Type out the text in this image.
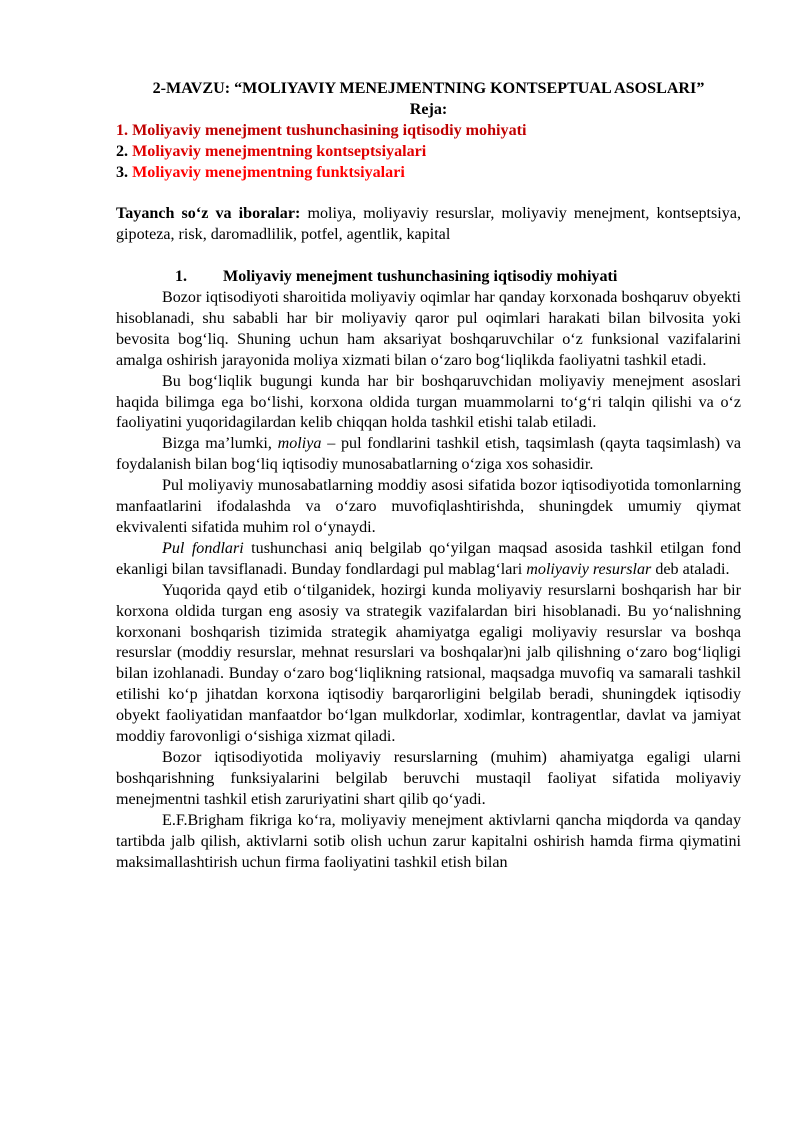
2-MAVZU: “MOLIYAVIY MENEJMENTNING KONTSEPTUAL ASOSLARI”

Reja:

1. Moliyaviy menejment tushunchasining iqtisodiy mohiyati
2. Moliyaviy menejmentning kontseptsiyalari
3. Moliyaviy menejmentning funktsiyalari

Tayanch so‘z va iboralar: moliya, moliyaviy resurslar, moliyaviy menejment, kontseptsiya, gipoteza, risk, daromadlilik, potfel, agentlik, kapital

1. Moliyaviy menejment tushunchasining iqtisodiy mohiyati

Bozor iqtisodiyoti sharoitida moliyaviy oqimlar har qanday korxonada boshqaruv obyekti hisoblanadi, shu sababli har bir moliyaviy qaror pul oqimlari harakati bilan bilvosita yoki bevosita bog‘liq. Shuning uchun ham aksariyat boshqaruvchilar o‘z funksional vazifalarini amalga oshirish jarayonida moliya xizmati bilan o‘zaro bog‘liqlikda faoliyatni tashkil etadi.

Bu bog‘liqlik bugungi kunda har bir boshqaruvchidan moliyaviy menejment asoslari haqida bilimga ega bo‘lishi, korxona oldida turgan muammolarni to‘g‘ri talqin qilishi va o‘z faoliyatini yuqoridagilardan kelib chiqqan holda tashkil etishi talab etiladi.

Bizga ma’lumki, moliya – pul fondlarini tashkil etish, taqsimlash (qayta taqsimlash) va foydalanish bilan bog‘liq iqtisodiy munosabatlarning o‘ziga xos sohasidir.

Pul moliyaviy munosabatlarning moddiy asosi sifatida bozor iqtisodiyotida tomonlarning manfaatlarini ifodalashda va o‘zaro muvofiqlashtirishda, shuningdek umumiy qiymat ekvivalenti sifatida muhim rol o‘ynaydi.

Pul fondlari tushunchasi aniq belgilab qo‘yilgan maqsad asosida tashkil etilgan fond ekanligi bilan tavsiflanadi. Bunday fondlardagi pul mablag‘lari moliyaviy resurslar deb ataladi.

Yuqorida qayd etib o‘tilganidek, hozirgi kunda moliyaviy resurslarni boshqarish har bir korxona oldida turgan eng asosiy va strategik vazifalardan biri hisoblanadi. Bu yo‘nalishning korxonani boshqarish tizimida strategik ahamiyatga egaligi moliyaviy resurslar va boshqa resurslar (moddiy resurslar, mehnat resurslari va boshqalar)ni jalb qilishning o‘zaro bog‘liqligi bilan izohlanadi. Bunday o‘zaro bog‘liqlikning ratsional, maqsadga muvofiq va samarali tashkil etilishi ko‘p jihatdan korxona iqtisodiy barqarorligini belgilab beradi, shuningdek iqtisodiy obyekt faoliyatidan manfaatdor bo‘lgan mulkdorlar, xodimlar, kontragentlar, davlat va jamiyat moddiy farovonligi o‘sishiga xizmat qiladi.

Bozor iqtisodiyotida moliyaviy resurslarning (muhim) ahamiyatga egaligi ularni boshqarishning funksiyalarini belgilab beruvchi mustaqil faoliyat sifatida moliyaviy menejmentni tashkil etish zaruriyatini shart qilib qo‘yadi.

E.F.Brigham fikriga ko‘ra, moliyaviy menejment aktivlarni qancha miqdorda va qanday tartibda jalb qilish, aktivlarni sotib olish uchun zarur kapitalni oshirish hamda firma qiymatini maksimallashtirish uchun firma faoliyatini tashkil etish bilan
